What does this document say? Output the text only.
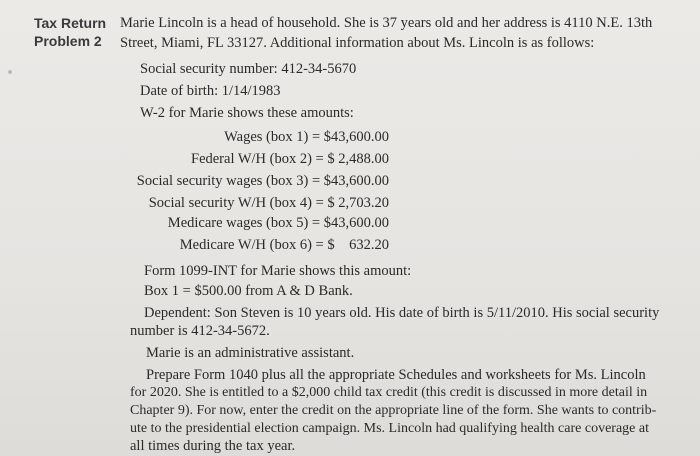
Tax Return
Problem 2
Marie Lincoln is a head of household. She is 37 years old and her address is 4110 N.E. 13th
Street, Miami, FL 33127. Additional information about Ms. Lincoln is as follows:
Social security number: 412-34-5670
Date of birth: 1/14/1983
W-2 for Marie shows these amounts:
Wages (box 1) = $43,600.00
Federal W/H (box 2) = $ 2,488.00
Social security wages (box 3) = $43,600.00
Social security W/H (box 4) = $ 2,703.20
Medicare wages (box 5) = $43,600.00
Medicare W/H (box 6) = $    632.20
Form 1099-INT for Marie shows this amount:
Box 1 = $500.00 from A & D Bank.
Dependent: Son Steven is 10 years old. His date of birth is 5/11/2010. His social security
number is 412-34-5672.
Marie is an administrative assistant.
Prepare Form 1040 plus all the appropriate Schedules and worksheets for Ms. Lincoln
for 2020. She is entitled to a $2,000 child tax credit (this credit is discussed in more detail in
Chapter 9). For now, enter the credit on the appropriate line of the form. She wants to contrib-
ute to the presidential election campaign. Ms. Lincoln had qualifying health care coverage at
all times during the tax year.
